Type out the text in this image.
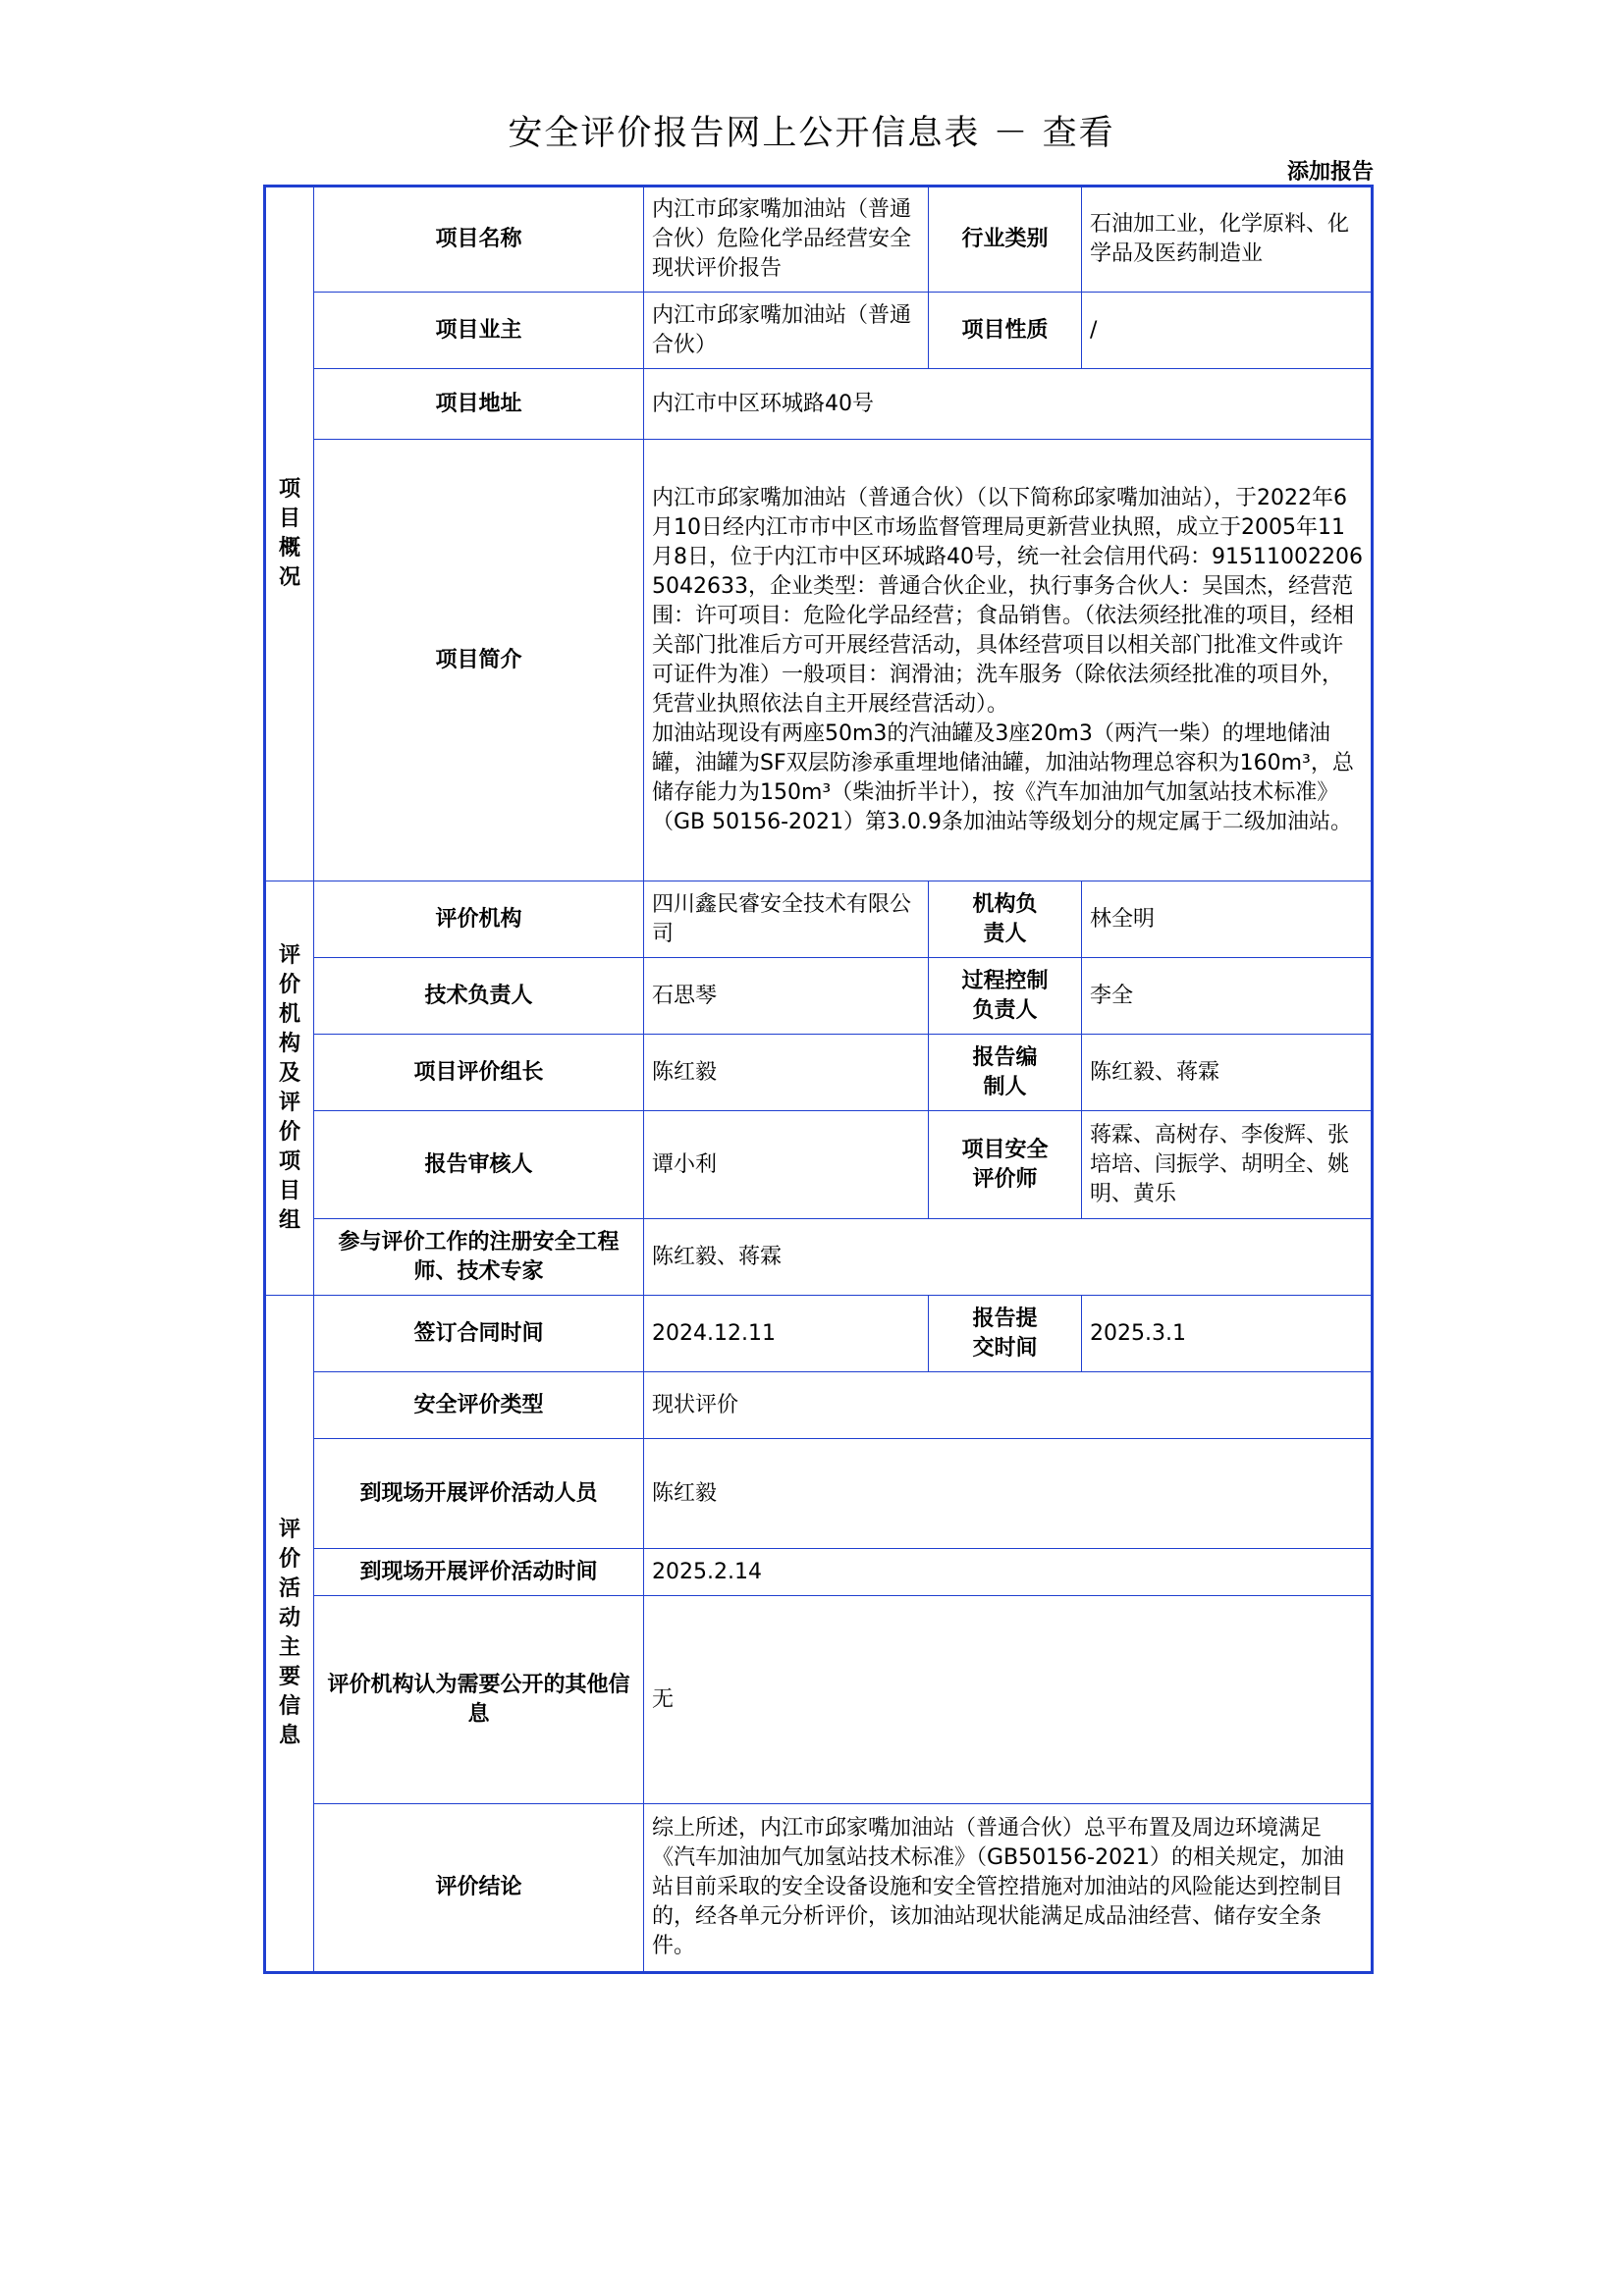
安全评价报告网上公开信息表 － 查看
添加报告
项目概况	项目名称	内江市邱家嘴加油站（普通合伙）危险化学品经营安全现状评价报告	行业类别	石油加工业，化学原料、化学品及医药制造业
	项目业主	内江市邱家嘴加油站（普通合伙）	项目性质	/
	项目地址	内江市中区环城路40号		
	项目简介	内江市邱家嘴加油站（普通合伙）（以下简称邱家嘴加油站），于2022年6月10日经内江市市中区市场监督管理局更新营业执照，成立于2005年11月8日，位于内江市中区环城路40号，统一社会信用代码：915110022065042633，企业类型：普通合伙企业，执行事务合伙人：吴国杰，经营范围：许可项目：危险化学品经营；食品销售。（依法须经批准的项目，经相关部门批准后方可开展经营活动，具体经营项目以相关部门批准文件或许可证件为准）一般项目：润滑油；洗车服务（除依法须经批准的项目外，凭营业执照依法自主开展经营活动）。
加油站现设有两座50m3的汽油罐及3座20m3（两汽一柴）的埋地储油罐，油罐为SF双层防渗承重埋地储油罐，加油站物理总容积为160m³，总储存能力为150m³（柴油折半计），按《汽车加油加气加氢站技术标准》（GB 50156-2021）第3.0.9条加油站等级划分的规定属于二级加油站。		

评价机构及评价项目组	评价机构	四川鑫民睿安全技术有限公司	机构负责人	林全明
	技术负责人	石思琴	过程控制负责人	李全
	项目评价组长	陈红毅	报告编制人	陈红毅、蒋霖
	报告审核人	谭小利	项目安全评价师	蒋霖、高树存、李俊辉、张培培、闫振学、胡明全、姚明、黄乐
	参与评价工作的注册安全工程师、技术专家	陈红毅、蒋霖		
评价活动主要信息	签订合同时间	2024.12.11	报告提交时间	2025.3.1
	安全评价类型	现状评价		
	到现场开展评价活动人员	陈红毅		
	到现场开展评价活动时间	2025.2.14		
	评价机构认为需要公开的其他信息	无		
	评价结论	综上所述，内江市邱家嘴加油站（普通合伙）总平布置及周边环境满足《汽车加油加气加氢站技术标准》（GB50156-2021）的相关规定，加油站目前采取的安全设备设施和安全管控措施对加油站的风险能达到控制目的，经各单元分析评价，该加油站现状能满足成品油经营、储存安全条件。		
